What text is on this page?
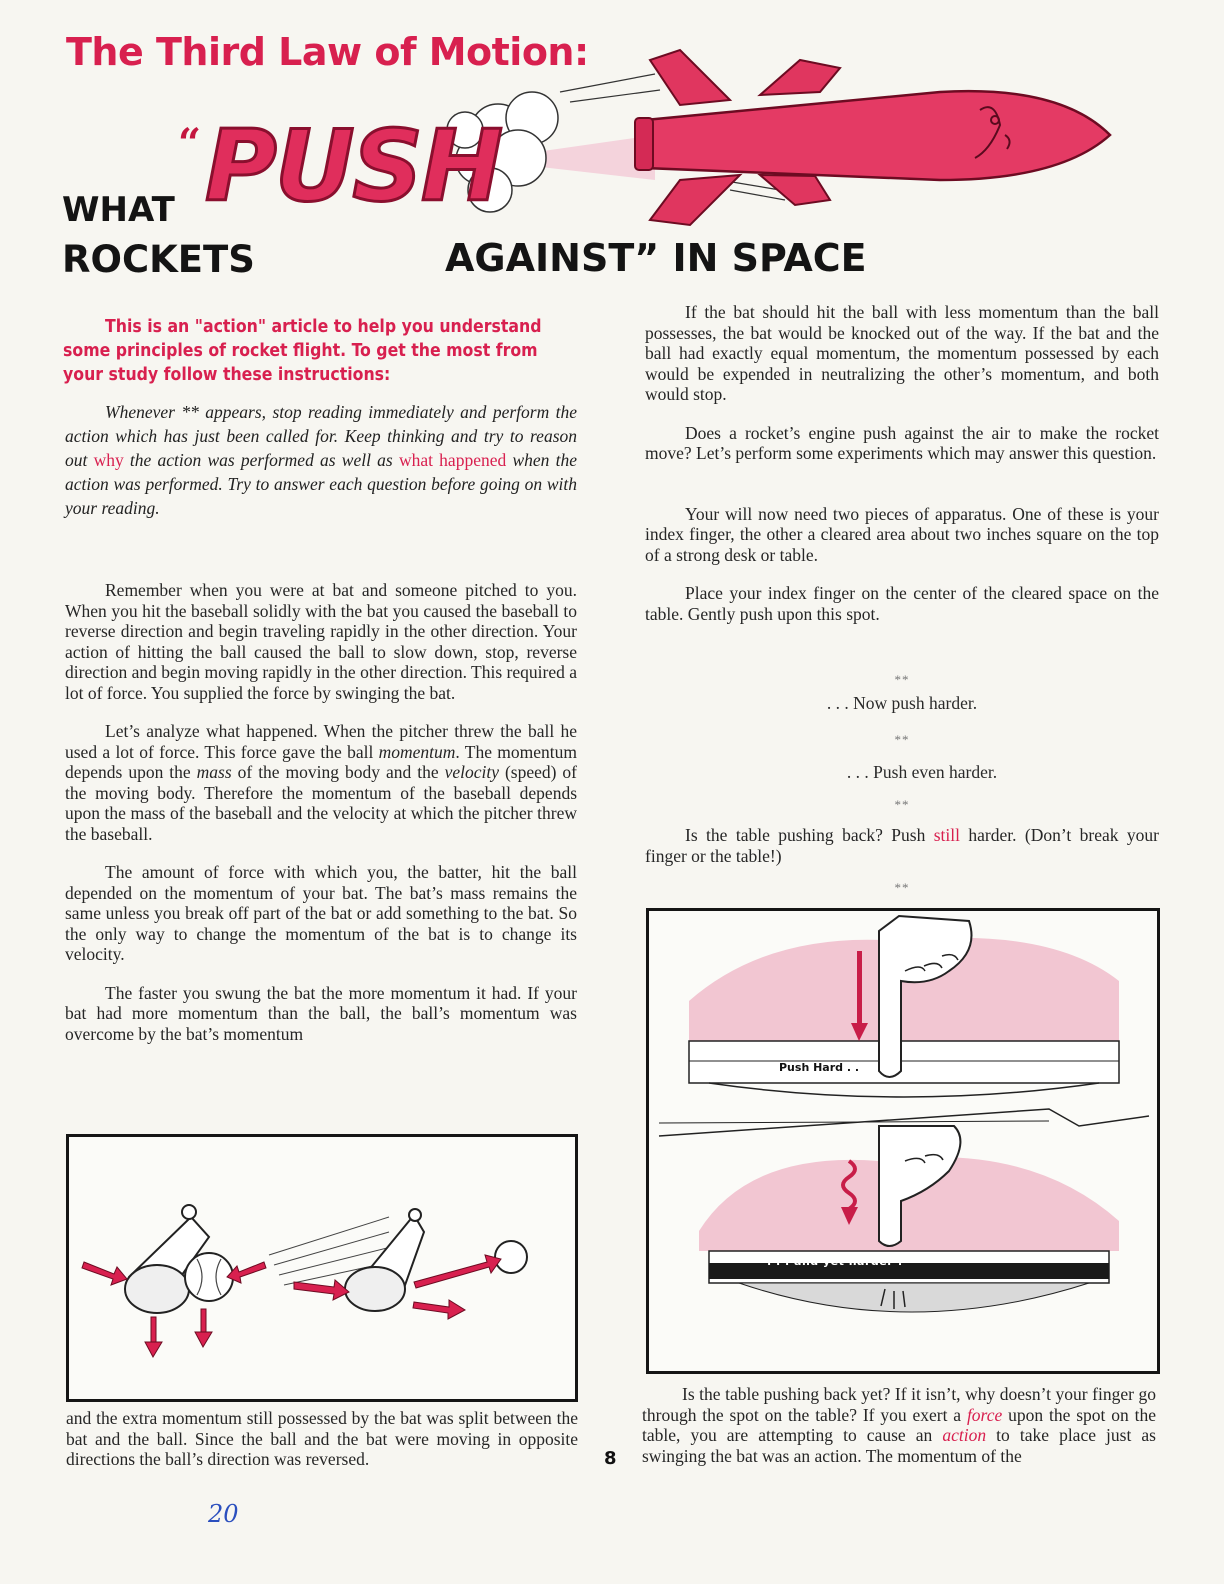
The Third Law of Motion:
“ PUSH
WHAT
ROCKETS	AGAINST” IN SPACE
This is an "action" article to help you understand some principles of rocket flight. To get the most from your study follow these instructions:
Whenever ** appears, stop reading immediately and perform the action which has just been called for. Keep thinking and try to reason out why the action was performed as well as what happened when the action was performed. Try to answer each question before going on with your reading.

Remember when you were at bat and someone pitched to you. When you hit the baseball solidly with the bat you caused the baseball to reverse direction and begin traveling rapidly in the other direction. Your action of hitting the ball caused the ball to slow down, stop, reverse direction and begin moving rapidly in the other direction. This required a lot of force. You supplied the force by swinging the bat.

Let’s analyze what happened. When the pitcher threw the ball he used a lot of force. This force gave the ball momentum. The momentum depends upon the mass of the moving body and the velocity (speed) of the moving body. Therefore the momentum of the baseball depends upon the mass of the baseball and the velocity at which the pitcher threw the baseball.

The amount of force with which you, the batter, hit the ball depended on the momentum of your bat. The bat’s mass remains the same unless you break off part of the bat or add something to the bat. So the only way to change the momentum of the bat is to change its velocity.

The faster you swung the bat the more momentum it had. If your bat had more momentum than the ball, the ball’s momentum was overcome by the bat’s momentum

and the extra momentum still possessed by the bat was split between the bat and the ball. Since the ball and the bat were moving in opposite directions the ball’s direction was reversed.

If the bat should hit the ball with less momentum than the ball possesses, the bat would be knocked out of the way. If the bat and the ball had exactly equal momentum, the momentum possessed by each would be expended in neutralizing the other’s momentum, and both would stop.

Does a rocket’s engine push against the air to make the rocket move? Let’s perform some experiments which may answer this question.

Your will now need two pieces of apparatus. One of these is your index finger, the other a cleared area about two inches square on the top of a strong desk or table.

Place your index finger on the center of the cleared space on the table. Gently push upon this spot.

**
. . . Now push harder.
**
. . . Push even harder.
**

Is the table pushing back? Push still harder. (Don’t break your finger or the table!)

**
Push Hard . .
. . . and yet harder !

Is the table pushing back yet? If it isn’t, why doesn’t your finger go through the spot on the table? If you exert a force upon the spot on the table, you are attempting to cause an action to take place just as swinging the bat was an action. The momentum of the

8
20
